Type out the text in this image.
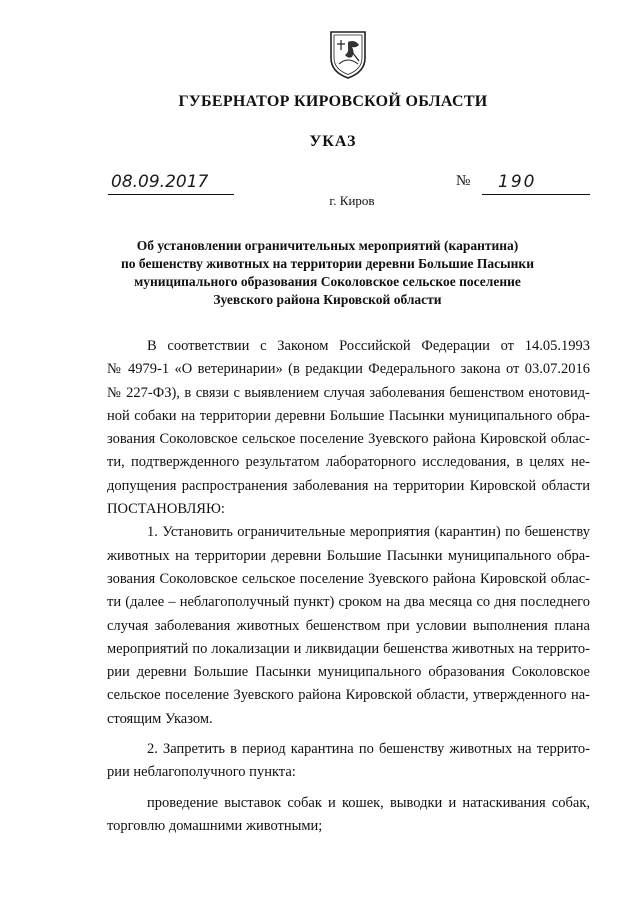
ГУБЕРНАТОР КИРОВСКОЙ ОБЛАСТИ
УКАЗ
08.09.2017	№ 190
г. Киров
Об установлении ограничительных мероприятий (карантина)
по бешенству животных на территории деревни Большие Пасынки
муниципального образования Соколовское сельское поселение
Зуевского района Кировской области
В соответствии с Законом Российской Федерации от 14.05.1993
№ 4979-1 «О ветеринарии» (в редакции Федерального закона от 03.07.2016
№ 227-ФЗ), в связи с выявлением случая заболевания бешенством енотовид-
ной собаки на территории деревни Большие Пасынки муниципального обра-
зования Соколовское сельское поселение Зуевского района Кировской облас-
ти, подтвержденного результатом лабораторного исследования, в целях не-
допущения распространения заболевания на территории Кировской области
ПОСТАНОВЛЯЮ:
1. Установить ограничительные мероприятия (карантин) по бешенству
животных на территории деревни Большие Пасынки муниципального обра-
зования Соколовское сельское поселение Зуевского района Кировской облас-
ти (далее – неблагополучный пункт) сроком на два месяца со дня последнего
случая заболевания животных бешенством при условии выполнения плана
мероприятий по локализации и ликвидации бешенства животных на террито-
рии деревни Большие Пасынки муниципального образования Соколовское
сельское поселение Зуевского района Кировской области, утвержденного на-
стоящим Указом.
2. Запретить в период карантина по бешенству животных на террито-
рии неблагополучного пункта:
проведение выставок собак и кошек, выводки и натаскивания собак,
торговлю домашними животными;
